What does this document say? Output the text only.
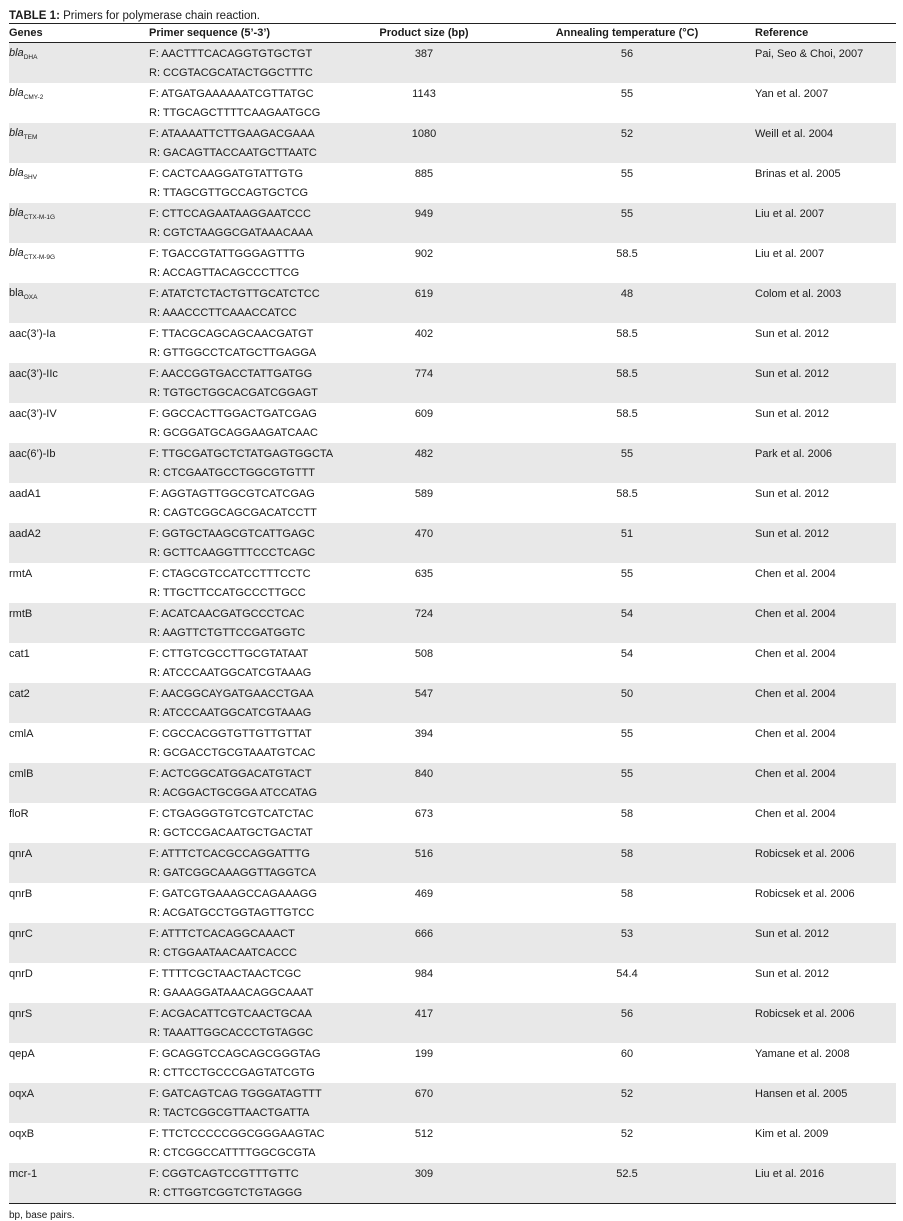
TABLE 1: Primers for polymerase chain reaction.
Genes	Primer sequence (5’-3’)	Product size (bp)	Annealing temperature (°C)	Reference
bla$_{DHA}$	F: AACTTTCACAGGTGTGCTGT	387	56	Pai, Seo & Choi, 2007
	R: CCGTACGCATACTGGCTTTC			
bla$_{CMY-2}$	F: ATGATGAAAAAATCGTTATGC	1143	55	Yan et al. 2007
	R: TTGCAGCTTTTCAAGAATGCG			
bla$_{TEM}$	F: ATAAAATTCTTGAAGACGAAA	1080	52	Weill et al. 2004
	R: GACAGTTACCAATGCTTAATC			
bla$_{SHV}$	F: CACTCAAGGATGTATTGTG	885	55	Brinas et al. 2005
	R: TTAGCGTTGCCAGTGCTCG			
bla$_{CTX-M-1G}$	F: CTTCCAGAATAAGGAATCCC	949	55	Liu et al. 2007
	R: CGTCTAAGGCGATAAACAAA			
bla$_{CTX-M-9G}$	F: TGACCGTATTGGGAGTTTG	902	58.5	Liu et al. 2007
	R: ACCAGTTACAGCCCTTCG			
bla$_{OXA}$	F: ATATCTCTACTGTTGCATCTCC	619	48	Colom et al. 2003
	R: AAACCCTTCAAACCATCC			
aac(3’)-Ia	F: TTACGCAGCAGCAACGATGT	402	58.5	Sun et al. 2012
	R: GTTGGCCTCATGCTTGAGGA			
aac(3’)-IIc	F: AACCGGTGACCTATTGATGG	774	58.5	Sun et al. 2012
	R: TGTGCTGGCACGATCGGAGT			
aac(3’)-IV	F: GGCCACTTGGACTGATCGAG	609	58.5	Sun et al. 2012
	R: GCGGATGCAGGAAGATCAAC			
aac(6’)-Ib	F: TTGCGATGCTCTATGAGTGGCTA	482	55	Park et al. 2006
	R: CTCGAATGCCTGGCGTGTTT			
aadA1	F: AGGTAGTTGGCGTCATCGAG	589	58.5	Sun et al. 2012
	R: CAGTCGGCAGCGACATCCTT			
aadA2	F: GGTGCTAAGCGTCATTGAGC	470	51	Sun et al. 2012
	R: GCTTCAAGGTTTCCCTCAGC			
rmtA	F: CTAGCGTCCATCCTTTCCTC	635	55	Chen et al. 2004
	R: TTGCTTCCATGCCCTTGCC			
rmtB	F: ACATCAACGATGCCCTCAC	724	54	Chen et al. 2004
	R: AAGTTCTGTTCCGATGGTC			
cat1	F: CTTGTCGCCTTGCGTATAAT	508	54	Chen et al. 2004
	R: ATCCCAATGGCATCGTAAAG			
cat2	F: AACGGCAYGATGAACCTGAA	547	50	Chen et al. 2004
	R: ATCCCAATGGCATCGTAAAG			
cmlA	F: CGCCACGGTGTTGTTGTTAT	394	55	Chen et al. 2004
	R: GCGACCTGCGTAAATGTCAC			
cmlB	F: ACTCGGCATGGACATGTACT	840	55	Chen et al. 2004
	R: ACGGACTGCGGA ATCCATAG			
floR	F: CTGAGGGTGTCGTCATCTAC	673	58	Chen et al. 2004
	R: GCTCCGACAATGCTGACTAT			
qnrA	F: ATTTCTCACGCCAGGATTTG	516	58	Robicsek et al. 2006
	R: GATCGGCAAAGGTTAGGTCA			
qnrB	F: GATCGTGAAAGCCAGAAAGG	469	58	Robicsek et al. 2006
	R: ACGATGCCTGGTAGTTGTCC			
qnrC	F: ATTTCTCACAGGCAAACT	666	53	Sun et al. 2012
	R: CTGGAATAACAATCACCC			
qnrD	F: TTTTCGCTAACTAACTCGC	984	54.4	Sun et al. 2012
	R: GAAAGGATAAACAGGCAAAT			
qnrS	F: ACGACATTCGTCAACTGCAA	417	56	Robicsek et al. 2006
	R: TAAATTGGCACCCTGTAGGC			
qepA	F: GCAGGTCCAGCAGCGGGTAG	199	60	Yamane et al. 2008
	R: CTTCCTGCCCGAGTATCGTG			
oqxA	F: GATCAGTCAG TGGGATAGTTT	670	52	Hansen et al. 2005
	R: TACTCGGCGTTAACTGATTA			
oqxB	F: TTCTCCCCCGGCGGGAAGTAC	512	52	Kim et al. 2009
	R: CTCGGCCATTTTGGCGCGTA			
mcr-1	F: CGGTCAGTCCGTTTGTTC	309	52.5	Liu et al. 2016
	R: CTTGGTCGGTCTGTAGGG			
bp, base pairs.
